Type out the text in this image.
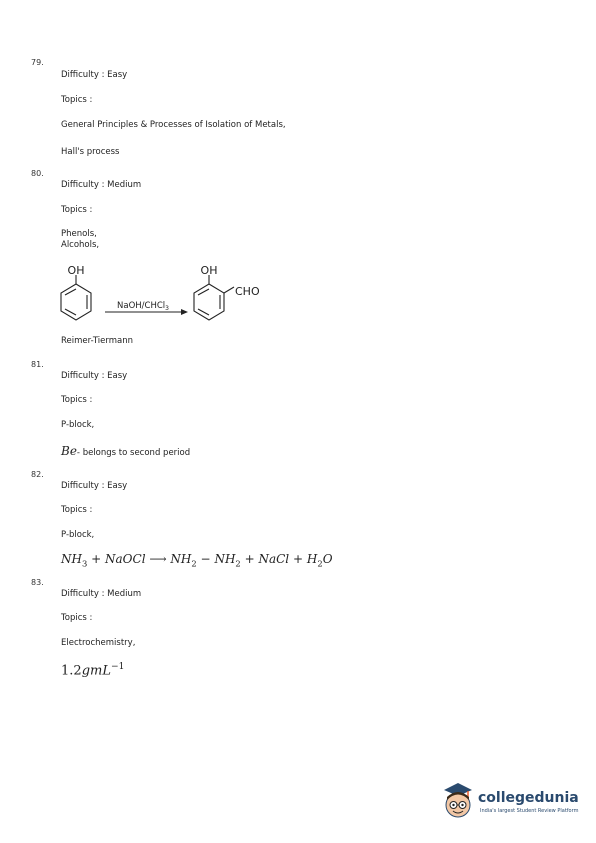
79.
Difficulty : Easy
Topics :
General Principles & Processes of Isolation of Metals,
Hall's process
80.
Difficulty : Medium
Topics :
Phenols,
Alcohols,
OH
NaOH/CHCl$_3$
OH
CHO
Reimer-Tiermann
81.
Difficulty : Easy
Topics :
P-block,
Be- belongs to second period
82.
Difficulty : Easy
Topics :
P-block,
$NH_3$ + NaOCl ⟶ $NH_2 - NH_2$ + NaCl + $H_2O$
83.
Difficulty : Medium
Topics :
Electrochemistry,
1.2gmL$^{-1}$
collegedunia
India's largest Student Review Platform
